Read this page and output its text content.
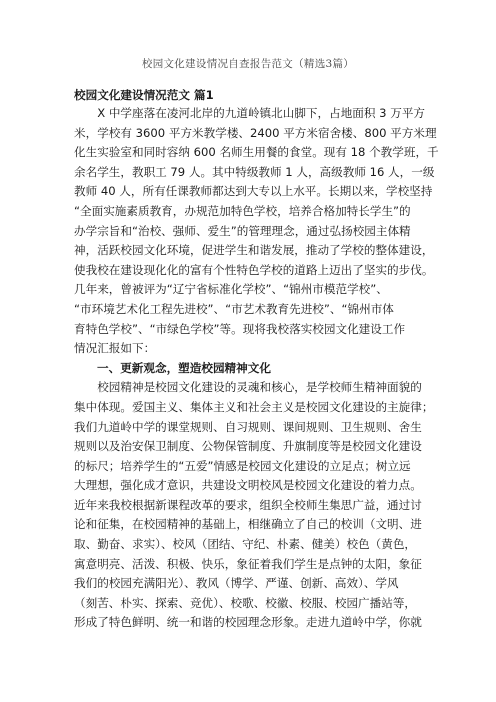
校园文化建设情况自查报告范文（精选3篇）
校园文化建设情况范文 篇1

　　X 中学座落在凌河北岸的九道岭镇北山脚下，占地面积 3 万平方

米，学校有 3600 平方米教学楼、2400 平方米宿舍楼、800 平方米理

化生实验室和同时容纳 600 名师生用餐的食堂。现有 18 个教学班，千

余名学生，教职工 79 人。其中特级教师 1 人，高级教师 16 人，一级

教师 40 人，所有任课教师都达到大专以上水平。长期以来，学校坚持

“全面实施素质教育，办规范加特色学校，培养合格加特长学生”的

办学宗旨和“治校、强师、爱生”的管理理念，通过弘扬校园主体精

神，活跃校园文化环境，促进学生和谐发展，推动了学校的整体建设，

使我校在建设现化化的富有个性特色学校的道路上迈出了坚实的步伐。

几年来，曾被评为“辽宁省标准化学校”、“锦州市模范学校”、

“市环境艺术化工程先进校”、“市艺术教育先进校”、“锦州市体

育特色学校”、“市绿色学校”等。现将我校落实校园文化建设工作

情况汇报如下：

一、更新观念，塑造校园精神文化

　　校园精神是校园文化建设的灵魂和核心，是学校师生精神面貌的

集中体现。爱国主义、集体主义和社会主义是校园文化建设的主旋律；

我们九道岭中学的课堂规则、自习规则、课间规则、卫生规则、舍生

规则以及治安保卫制度、公物保管制度、升旗制度等是校园文化建设

的标尺；培养学生的“五爱”情感是校园文化建设的立足点；树立远

大理想，强化成才意识，共建设文明校风是校园文化建设的着力点。

近年来我校根据新课程改革的要求，组织全校师生集思广益，通过讨

论和征集，在校园精神的基础上，相继确立了自己的校训（文明、进

取、勤奋、求实）、校风（团结、守纪、朴素、健美）校色（黄色，

寓意明亮、活泼、积极、快乐，象征着我们学生是点钟的太阳，象征

我们的校园充满阳光）、教风（博学、严谨、创新、高效）、学风

（刻苦、朴实、探索、竞优）、校歌、校徽、校服、校园广播站等，

形成了特色鲜明、统一和谐的校园理念形象。走进九道岭中学，你就
